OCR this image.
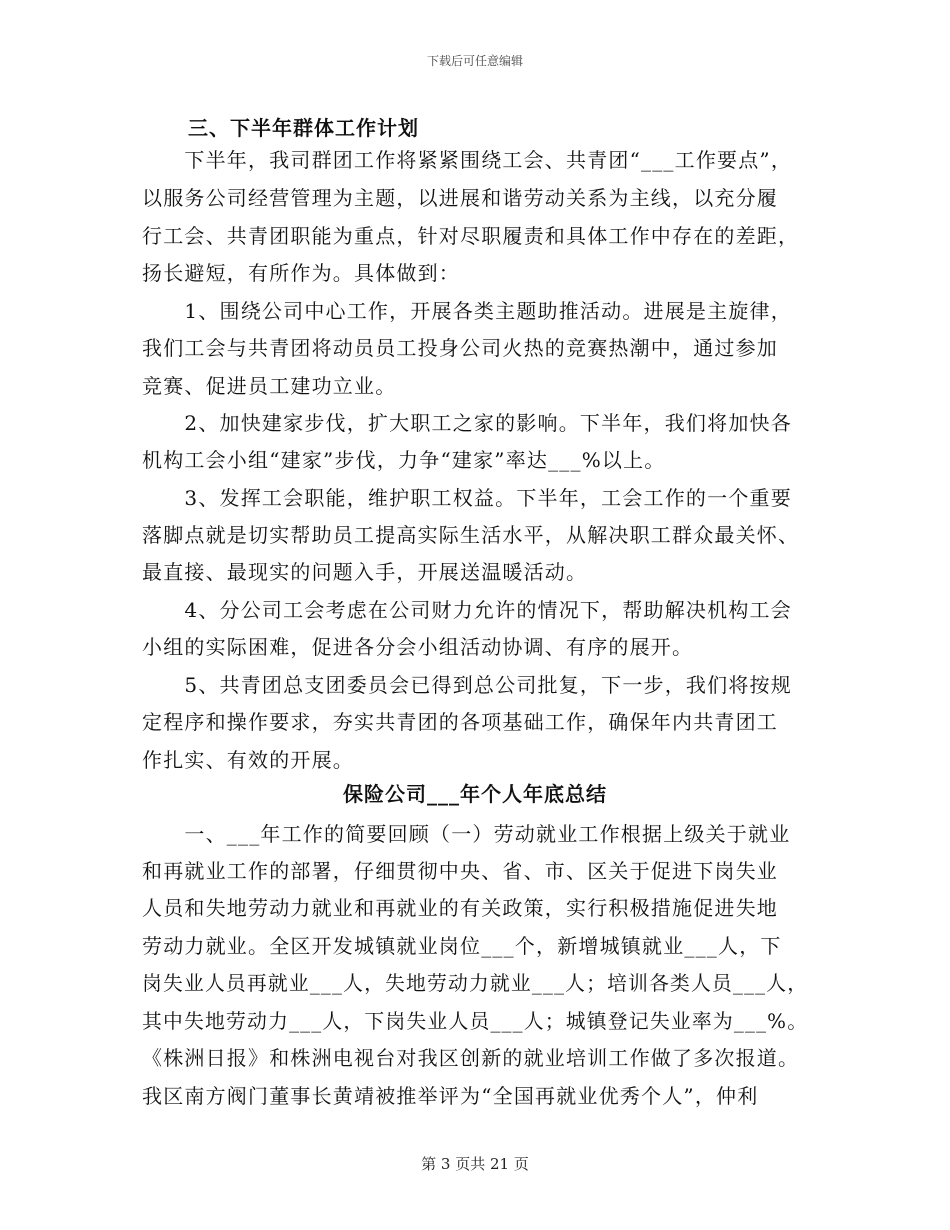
下载后可任意编辑
三、下半年群体工作计划
　　下半年，我司群团工作将紧紧围绕工会、共青团“___工作要点”，
以服务公司经营管理为主题，以进展和谐劳动关系为主线，以充分履
行工会、共青团职能为重点，针对尽职履责和具体工作中存在的差距，
扬长避短，有所作为。具体做到：
　　1、围绕公司中心工作，开展各类主题助推活动。进展是主旋律，
我们工会与共青团将动员员工投身公司火热的竞赛热潮中，通过参加
竞赛、促进员工建功立业。
　　2、加快建家步伐，扩大职工之家的影响。下半年，我们将加快各
机构工会小组“建家”步伐，力争“建家”率达___%以上。
　　3、发挥工会职能，维护职工权益。下半年，工会工作的一个重要
落脚点就是切实帮助员工提高实际生活水平，从解决职工群众最关怀、
最直接、最现实的问题入手，开展送温暖活动。
　　4、分公司工会考虑在公司财力允许的情况下，帮助解决机构工会
小组的实际困难，促进各分会小组活动协调、有序的展开。
　　5、共青团总支团委员会已得到总公司批复，下一步，我们将按规
定程序和操作要求，夯实共青团的各项基础工作，确保年内共青团工
作扎实、有效的开展。
保险公司___年个人年底总结
　　一、___年工作的简要回顾（一）劳动就业工作根据上级关于就业
和再就业工作的部署，仔细贯彻中央、省、市、区关于促进下岗失业
人员和失地劳动力就业和再就业的有关政策，实行积极措施促进失地
劳动力就业。全区开发城镇就业岗位___个，新增城镇就业___人，下
岗失业人员再就业___人，失地劳动力就业___人；培训各类人员___人，
其中失地劳动力___人，下岗失业人员___人；城镇登记失业率为___%。
《株洲日报》和株洲电视台对我区创新的就业培训工作做了多次报道。
我区南方阀门董事长黄靖被推举评为“全国再就业优秀个人”，仲利
第 3 页共 21 页
